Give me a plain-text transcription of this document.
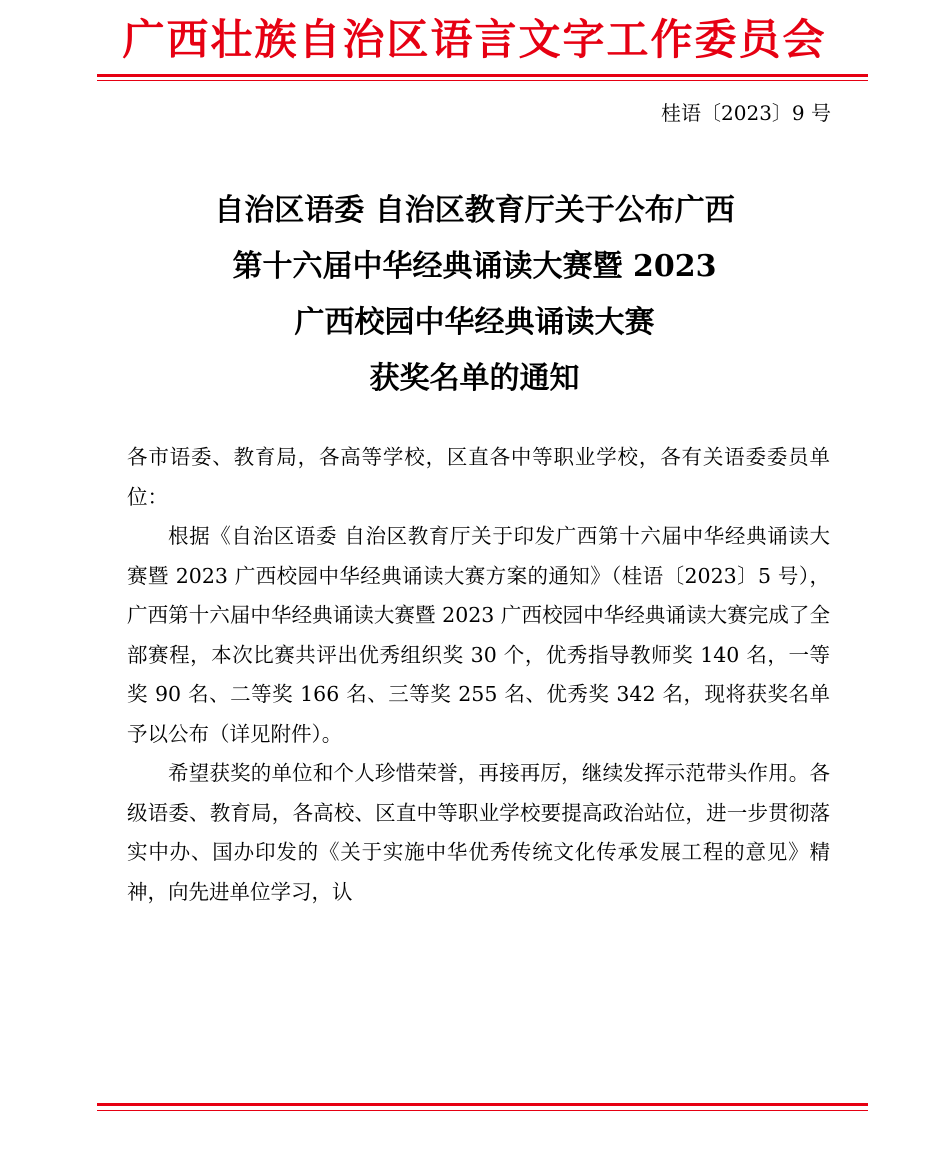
广西壮族自治区语言文字工作委员会
桂语〔2023〕9 号
自治区语委 自治区教育厅关于公布广西
第十六届中华经典诵读大赛暨 2023
广西校园中华经典诵读大赛
获奖名单的通知

各市语委、教育局，各高等学校，区直各中等职业学校，各有关语委委员单位：

根据《自治区语委 自治区教育厅关于印发广西第十六届中华经典诵读大赛暨 2023 广西校园中华经典诵读大赛方案的通知》（桂语〔2023〕5 号），广西第十六届中华经典诵读大赛暨 2023 广西校园中华经典诵读大赛完成了全部赛程，本次比赛共评出优秀组织奖 30 个，优秀指导教师奖 140 名，一等奖 90 名、二等奖 166 名、三等奖 255 名、优秀奖 342 名，现将获奖名单予以公布（详见附件）。

希望获奖的单位和个人珍惜荣誉，再接再厉，继续发挥示范带头作用。各级语委、教育局，各高校、区直中等职业学校要提高政治站位，进一步贯彻落实中办、国办印发的《关于实施中华优秀传统文化传承发展工程的意见》精神，向先进单位学习，认
